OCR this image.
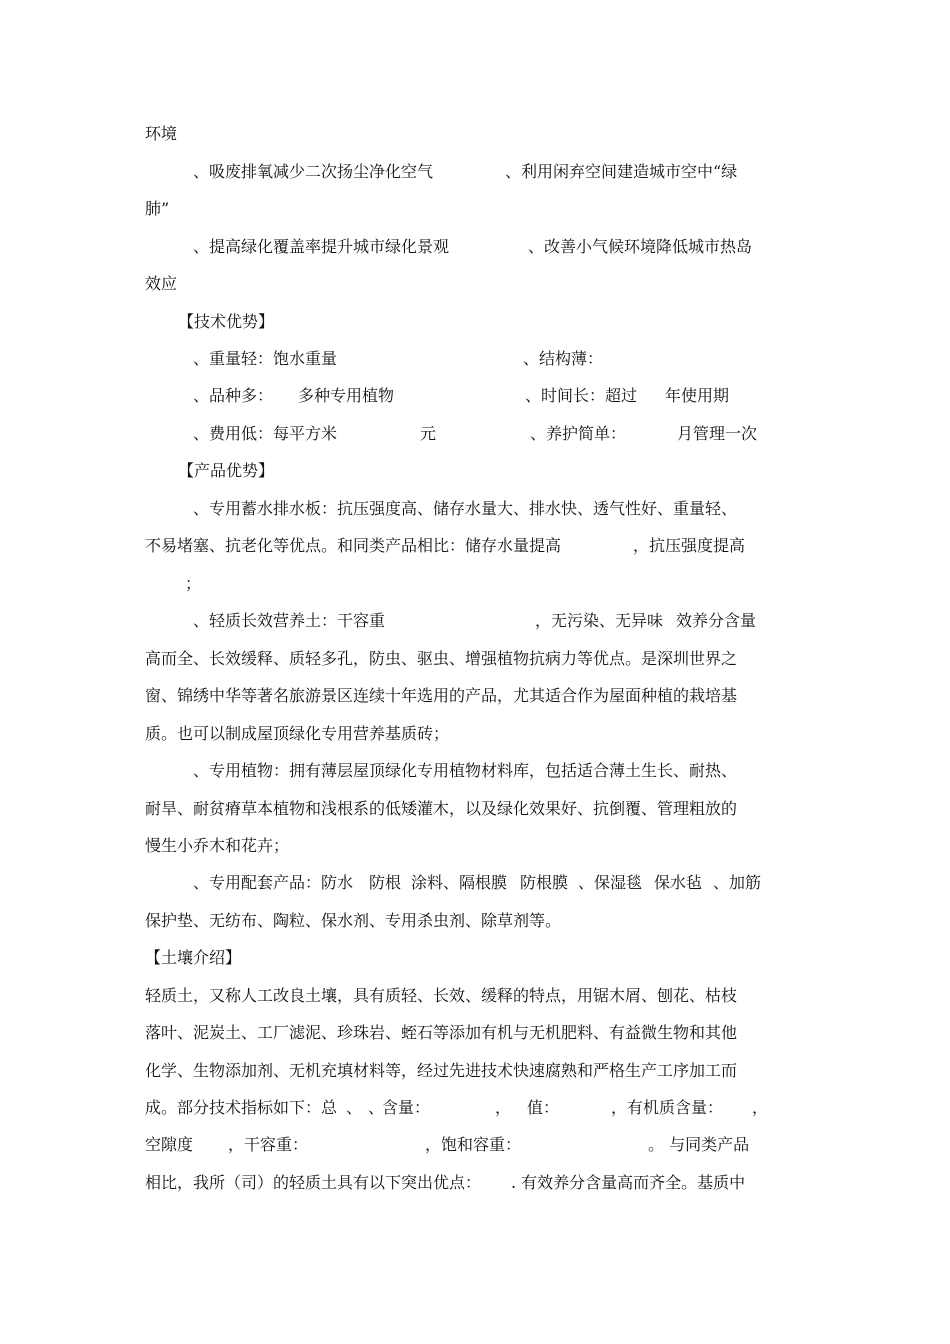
环境
、吸废排氧减少二次扬尘净化空气	、利用闲弃空间建造城市空中“绿
肺”
、提高绿化覆盖率提升城市绿化景观	、改善小气候环境降低城市热岛
效应
【技术优势】
、重量轻：饱水重量	、结构薄：
、品种多： 多种专用植物	、时间长：超过 年使用期
、费用低：每平方米	元	、养护简单：	月管理一次
【产品优势】
、专用蓄水排水板：抗压强度高、储存水量大、排水快、透气性好、重量轻、
不易堵塞、抗老化等优点。和同类产品相比：储存水量提高	，抗压强度提高
；
、轻质长效营养土：干容重	，无污染、无异味 效养分含量
高而全、长效缓释、质轻多孔，防虫、驱虫、增强植物抗病力等优点。是深圳世界之
窗、锦绣中华等著名旅游景区连续十年选用的产品，尤其适合作为屋面种植的栽培基
质。也可以制成屋顶绿化专用营养基质砖；
、专用植物：拥有薄层屋顶绿化专用植物材料库，包括适合薄土生长、耐热、
耐旱、耐贫瘠草本植物和浅根系的低矮灌木，以及绿化效果好、抗倒覆、管理粗放的
慢生小乔木和花卉；
、专用配套产品：防水 防根 涂料、隔根膜 防根膜 、保湿毯 保水毡 、加筋
保护垫、无纺布、陶粒、保水剂、专用杀虫剂、除草剂等。
【土壤介绍】
轻质土，又称人工改良土壤，具有质轻、长效、缓释的特点，用锯木屑、刨花、枯枝
落叶、泥炭土、工厂滤泥、珍珠岩、蛭石等添加有机与无机肥料、有益微生物和其他
化学、生物添加剂、无机充填材料等，经过先进技术快速腐熟和严格生产工序加工而
成。部分技术指标如下：总 、 、
含量：	， 值：	，有机质含量： ，
空隙度 ，干容重：	，饱和容重：	。 与同类产品
相比，我所（司）的轻质土具有以下突出优点： . 有效养分含量高而齐全。基质中
